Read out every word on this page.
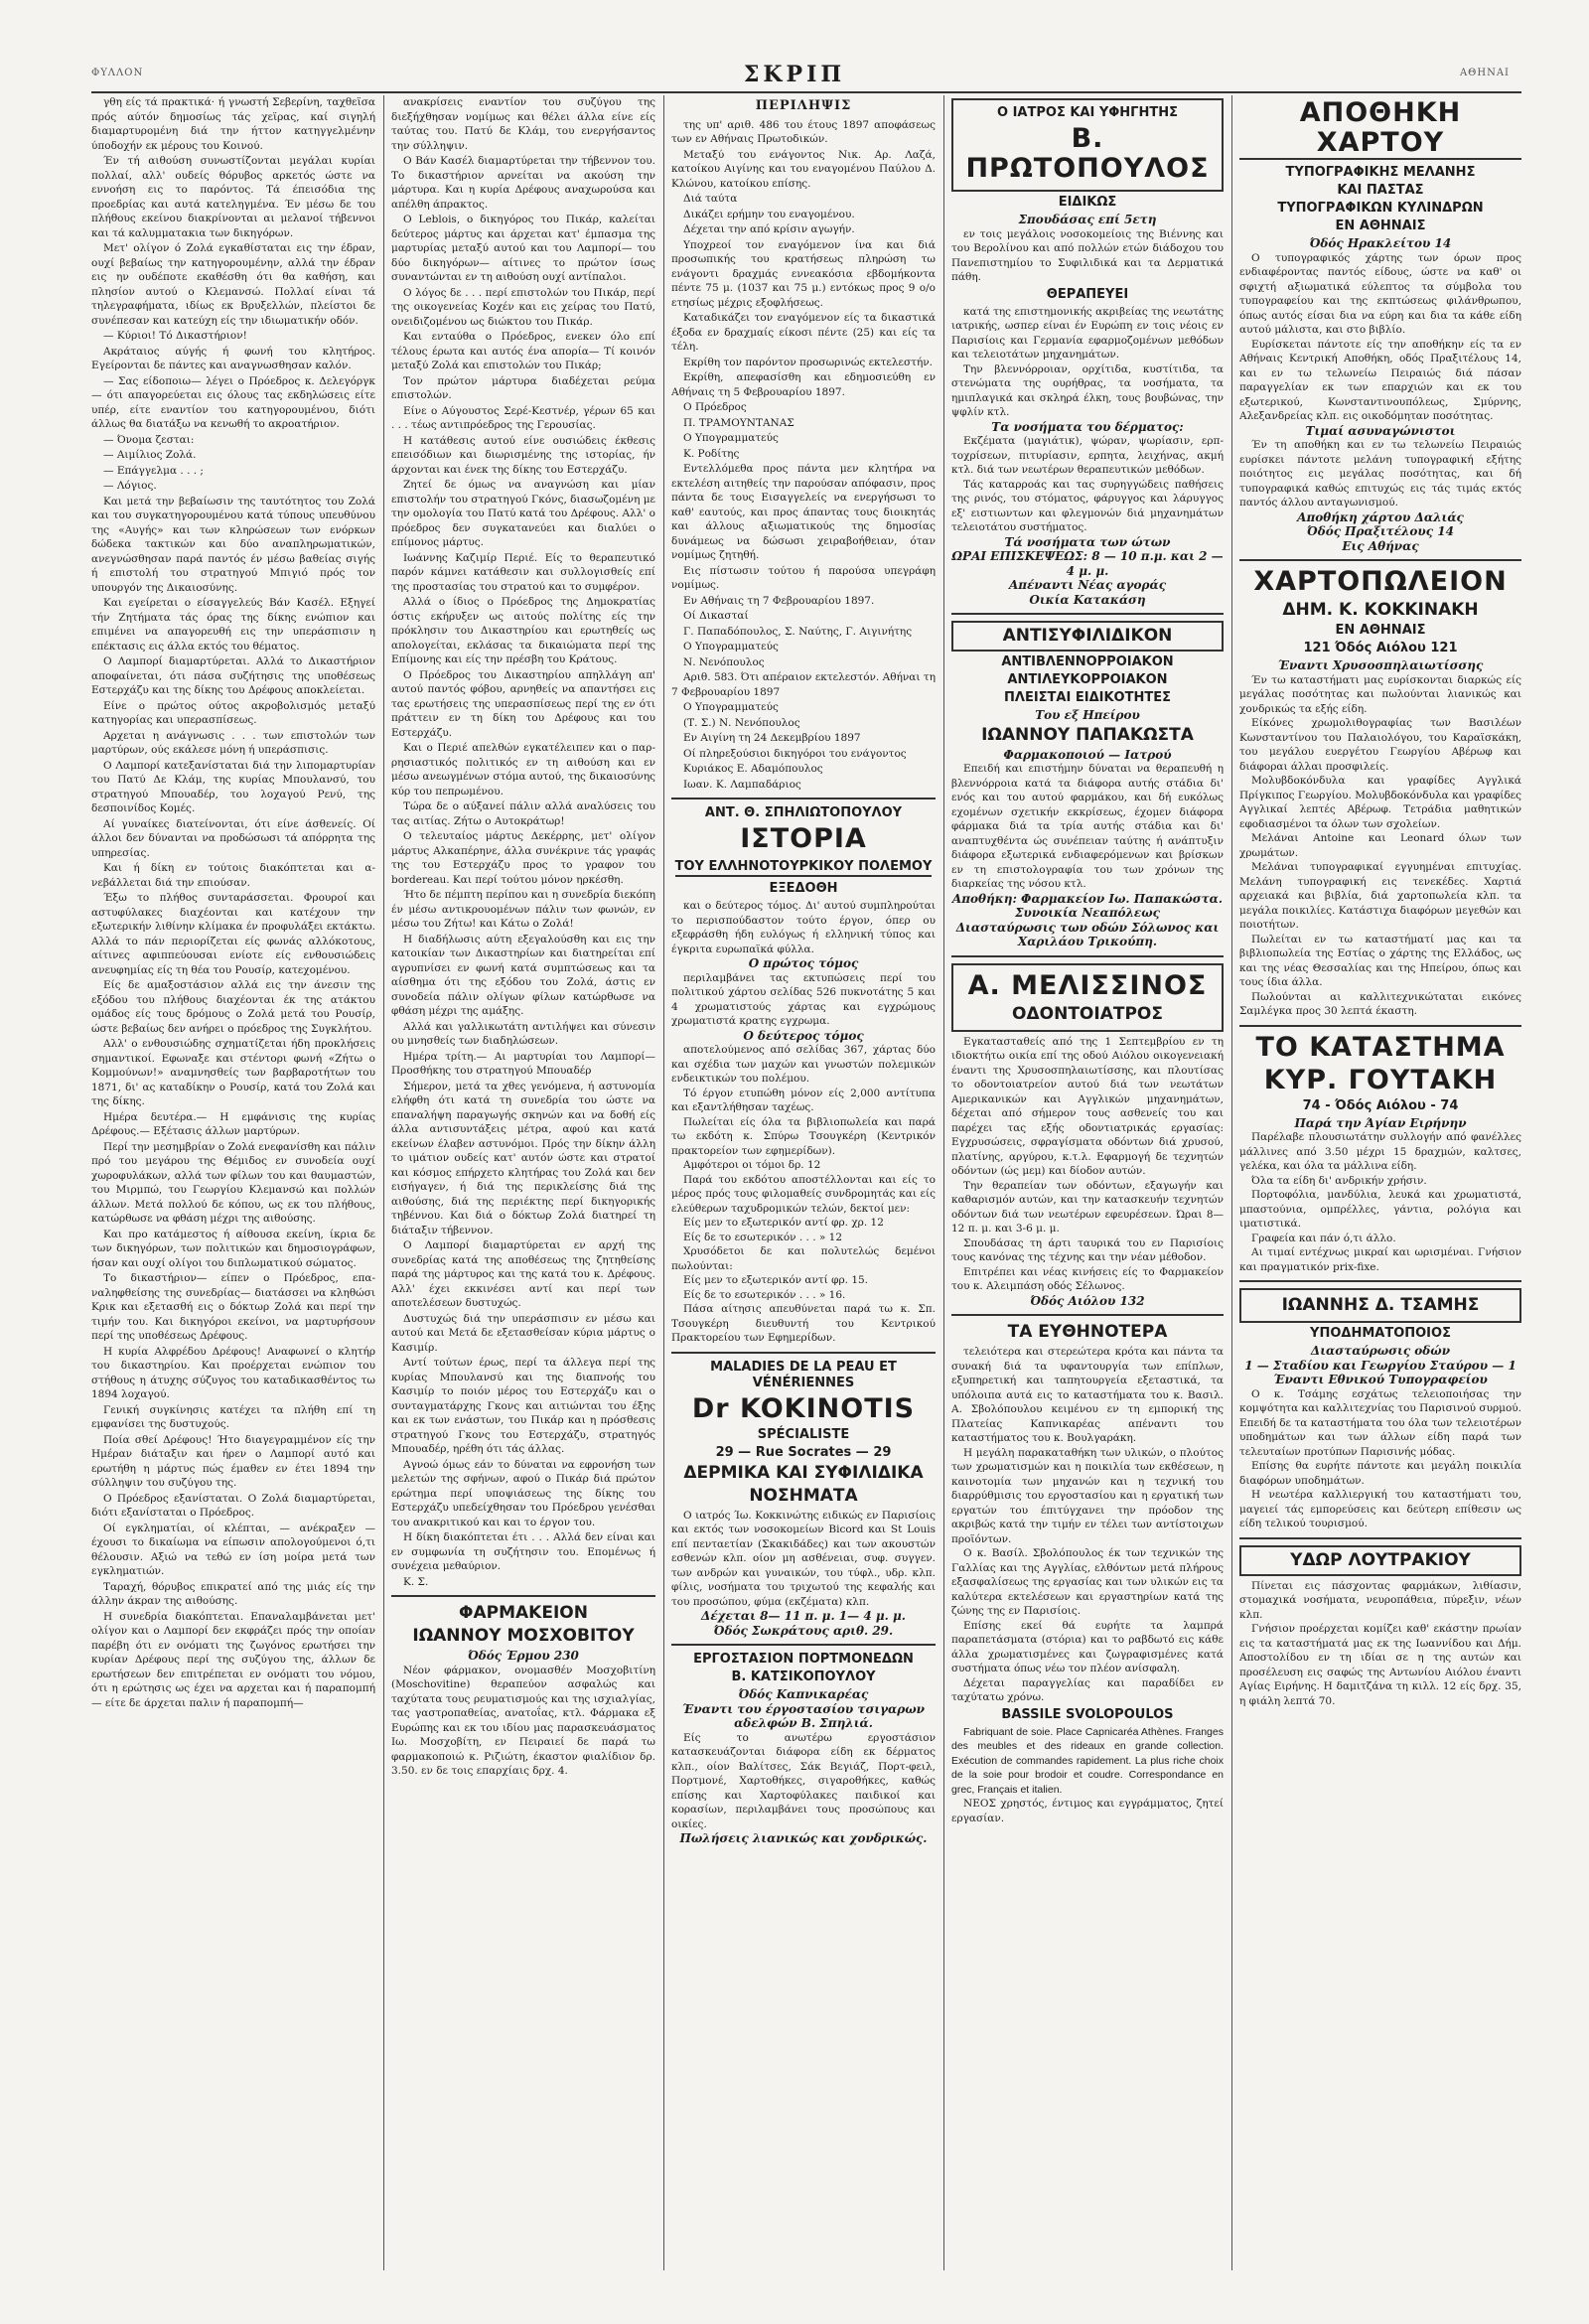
ΦΥΛΛΟΝ	ΣΚΡΙΠ	ΑΘΗΝΑΙ

γθη είς τά πρακτικά· ή γνωστή Σεβερίνη, ταχθεϊσα πρός αύτόν δημοσίως τάς χεϊρας, καί σιγηλή διαμαρτυρομένη διά την ήττον κατηγγελμένην ύποδοχήν εκ μέρους του Κοινού.

Έν τή αιθούση συνωστίζονται μεγάλαι κυρίαι πολλαί, αλλ' ουδείς θόρυβος αρκετός ώστε να εννοήση εις το παρόντος. Τά έπεισόδια της προεδρίας και αυτά κατεληγμένα. Έν μέσω δε του πλήθους εκείνου διακρίνονται αι μελανοί τήβεννοι και τά καλυμματακια των δικηγόρων.

Μετ' ολίγον ό Ζολά εγκαθίσταται εις την έδραν, ουχί βεβαίως την κατηγορουμένην, αλλά την έδραν εις ην ουδέποτε εκαθέσθη ότι θα καθήση, και πλησίον αυτού ο Κλεμανσώ. Πολλαί είναι τά τηλεγραφήματα, ιδίως εκ Βρυξελλών, πλείστοι δε συνέπεσαν και κατεύχη είς την ιδιωματικήν οδόν.

— Κύριοι! Τό Δικαστήριον!

Ακράταιος αύγής ή φωνή του κλητήρος. Εγείρονται δε πάντες και αναγνωσθησαν καλόν.

— Σας είδοποιω— λέγει ο Πρόεδρος κ. Δελεγόργκ— ότι απαγορεύεται εις όλους τας εκδηλώσεις είτε υπέρ, είτε εναντίον του κατηγορουμένου, διότι άλλως θα διατάξω να κενωθή το ακροατήριον.

— Όνομα ζεσται:

— Αιμίλιος Ζολά.

— Επάγγελμα . . . ;

— Λόγιος.

Και μετά την βεβαίωσιν της ταυτότητος του Ζολά και του συγκατηγορουμένου κατά τύπους υπευθύνου της «Αυγής» και των κληρώσεων των ενόρκων δώδεκα τακτικών και δύο αναπληρωματικών, ανεγνώσθησαν παρά παντός έν μέσω βαθείας σιγής ή επιστολή του στρατηγού Μπιγιό πρός τον υπουργόν της Δικαιοσύνης.

Και εγείρεται ο είσαγγελεύς Βάν Κασέλ. Εξηγεί τήν Ζητήματα τάς όρας της δίκης ενώπιον και επιμένει να απαγορευθή εις την υπεράσπισιν η επέκτασις εις άλλα εκτός του θέματος.

Ο Λαμπορί διαμαρτύρεται. Αλλά το Δικαστήριον αποφαίνεται, ότι πάσα συζήτησις της υποθέσεως Εστερχάζυ και της δίκης του Δρέφους αποκλείεται.

Είνε ο πρώτος ούτος ακροβολισμός μεταξύ κατηγορίας και υπερασπίσεως.

Αρχεται η ανάγνωσις . . . των επιστολών των μαρτύρων, ούς εκάλεσε μόνη ή υπεράσπισις.

Ο Λαμπορί κατεξανίσταται διά την λιπομαρτυρίαν του Πατύ Δε Κλάμ, της κυρίας Μπουλανσύ, του στρατηγού Μπουαδέρ, του λοχαγού Ρενύ, της δεσποινίδος Κομές.

Αί γυναίκες διατείνονται, ότι είνε άσθενείς. Οί άλλοι δεν δύνανται να προδώσωσι τά απόρρητα της υπηρεσίας.

Και ή δίκη εν τούτοις διακόπτεται και ανεβάλλεται διά την επιούσαν.

Έξω το πλήθος συνταράσσεται. Φρουροί και αστυφύλακες διαχέονται και κατέχουν την εξωτερικήν λιθίνην κλίμακα έν προφυλάξει εκτάκτω. Αλλά το πάν περιορίζεται είς φωνάς αλλόκοτους, αίτινες αφιππεύουσαι ενίοτε είς ενθουσιώδεις ανευφημίας είς τη θέα του Ρουσίρ, κατεχομένου.

Είς δε αμαξοστάσιον αλλά εις την άνεσιν της εξόδου του πλήθους διαχέονται έκ της ατάκτου ομάδος είς τους δρόμους ο Ζολά μετά του Ρουσίρ, ώστε βεβαίως δεν ανήρει ο πρόεδρος της Συγκλήτου.

Αλλ' ο ενθουσιώδης σχηματίζεται ήδη προκλήσεις σημαντικοί. Εφωναξε και στέντορι φωνή «Ζήτω ο Κομμούνων!» αναμνησθείς των βαρβαροτήτων του 1871, δι' ας καταδίκην ο Ρουσίρ, κατά του Ζολά και της δίκης.

Ημέρα δευτέρα.— Η εμφάνισις της κυρίας Δρέφους.— Εξέτασις άλλων μαρτύρων.

Περί την μεσημβρίαν ο Ζολά ενεφανίσθη και πάλιν πρό του μεγάρου της Θέμιδος εν συνοδεία ουχί χωροφυλάκων, αλλά των φίλων του και θαυμαστών, του Μιρμπώ, του Γεωργίου Κλεμανσώ και πολλών άλλων. Μετά πολλού δε κόπου, ως εκ του πλήθους, κατώρθωσε να φθάση μέχρι της αιθούσης.

Και προ κατάμεστος ή αίθουσα εκείνη, ίκρια δε των δικηγόρων, των πολιτικών και δημοσιογράφων, ήσαν και ουχί ολίγοι του διπλωματικού σώματος.

Το δικαστήριον— είπεν ο Πρόεδρος, επαναληφθείσης της συνεδρίας— διατάσσει να κληθώσι Κρικ και εξετασθή εις ο δόκτωρ Ζολά και περί την τιμήν του. Και δικηγόροι εκείνοι, να μαρτυρήσουν περί της υποθέσεως Δρέφους.

Η κυρία Αλφρέδου Δρέφους! Αναφωνεί ο κλητήρ του δικαστηρίου. Και προέρχεται ενώπιον του στήθους η άτυχης σύζυγος του καταδικασθέντος τω 1894 λοχαγού.

Γενική συγκίνησις κατέχει τα πλήθη επί τη εμφανίσει της δυστυχούς.

Ποία σθεί Δρέφους! Ήτο διαγεγραμμένον είς την Ημέραν διάταξιν και ήρεν ο Λαμπορί αυτό και ερωτήθη η μάρτυς πώς έμαθεν εν έτει 1894 την σύλληψιν του συζύγου της.

Ο Πρόεδρος εξανίσταται. Ο Ζολά διαμαρτύρεται, διότι εξανίσταται ο Πρόεδρος.

Οί εγκληματίαι, οί κλέπται, — ανέκραξεν — έχουσι το δικαίωμα να είπωσιν απολογούμενοι ό,τι θέλουσιν. Αξιώ να τεθώ εν ίση μοίρα μετά των εγκληματιών.

Ταραχή, θόρυβος επικρατεί από της μιάς είς την άλλην άκραν της αιθούσης.

Η συνεδρία διακόπτεται. Επαναλαμβάνεται μετ' ολίγον και ο Λαμπορί δεν εκφράζει πρός την οποίαν παρέβη ότι εν ονόματι της ζωγόνος ερωτήσει την κυρίαν Δρέφους περί της συζύγου της, άλλων δε ερωτήσεων δεν επιτρέπεται εν ονόματι του νόμου, ότι η ερώτησις ως έχει να αρχεται και ή παραπομπή— είτε δε άρχεται παλιν ή παραπομπή—

ανακρίσεις εναντίον του συζύγου της διεξήχθησαν νομίμως και θέλει άλλα είνε είς ταύτας του. Πατύ δε Κλάμ, του ενεργήσαντος την σύλληψιν.

Ο Βάν Κασέλ διαμαρτύρεται την τήβεννον του. Το δικαστήριον αρνείται να ακούση την μάρτυρα. Και η κυρία Δρέφους αναχωρούσα και απέλθη άπρακτος.

Ο Leblois, ο δικηγόρος του Πικάρ, καλείται δεύτερος μάρτυς και άρχεται κατ' έμπασμα της μαρτυρίας μεταξύ αυτού και του Λαμπορί— του δύο δικηγόρων— αίτινες το πρώτον ίσως συναντώνται εν τη αιθούση ουχί αντίπαλοι.

Ο λόγος δε . . . περί επιστολών του Πικάρ, περί της οικογενείας Κοχέν και εις χείρας του Πατύ, ονειδιζομένου ως διώκτου του Πικάρ.

Και ενταύθα ο Πρόεδρος, ενεκεν όλο επί τέλους έρωτα και αυτός ένα απορία— Τί κοινόν μεταξύ Ζολά και επιστολών του Πικάρ;

Τον πρώτον μάρτυρα διαδέχεται ρεύμα επιστολών.

Είνε ο Αύγουστος Σερέ-Κεστνέρ, γέρων 65 και . . . τέως αντιπρόεδρος της Γερουσίας.

Η κατάθεσις αυτού είνε ουσιώδεις έκθεσις επεισόδιων και διωρισμένης της ιστορίας, ήν άρχονται και ένεκ της δίκης του Εστερχάζυ.

Ζητεί δε όμως να αναγνώση και μίαν επιστολήν του στρατηγού Γκόνς, διασωζομένη με την ομολογία του Πατύ κατά του Δρέφους. Αλλ' ο πρόεδρος δεν συγκατανεύει και διαλύει ο επίμονος μάρτυς.

Ιωάννης Καζιμίρ Περιέ. Είς το θεραπευτικό παρόν κάμνει κατάθεσιν και συλλογισθείς επί της προστασίας του στρατού και το συμφέρον.

Αλλά ο ίδιος ο Πρόεδρος της Δημοκρατίας όστις εκήρυξεν ως αιτούς πολίτης είς την πρόκλησιν του Δικαστηρίου και ερωτηθείς ως απολογείται, εκλάσας τα δικαιώματα περί της Επίμονης και είς την πρέσβη του Κράτους.

Ο Πρόεδρος του Δικαστηρίου απηλλάγη απ' αυτού παντός φόβου, αρνηθείς να απαντήσει εις τας ερωτήσεις της υπερασπίσεως περί της εν ότι πράττειν εν τη δίκη του Δρέφους και του Εστερχάζυ.

Και ο Περιέ απελθών εγκατέλειπεν και ο παρρησιαστικός πολιτικός εν τη αιθούση και εν μέσω ανεωγμένων στόμα αυτού, της δικαιοσύνης κύρ του πεπρωμένου.

Τώρα δε ο αύξανεί πάλιν αλλά αναλύσεις του τας αιτίας. Ζήτω ο Αυτοκράτωρ!

Ο τελευταίος μάρτυς Δεκέρρης, μετ' ολίγον μάρτυς Αλκαπέρηνε, άλλα συνέκρινε τάς γραφάς της του Εστερχάζυ προς το γραφον του bordereau. Και περί τούτου μόνον ηρκέσθη.

Ήτο δε πέμπτη περίπου και η συνεδρία διεκόπη έν μέσω αντικρουομένων πάλιν των φωνών, εν μέσω του Ζήτω! και Κάτω ο Ζολά!

Η διαδήλωσις αύτη εξεγαλούσθη και εις την κατοικίαν των Δικαστηρίων και διατηρείται επί αγρυπνίσει εν φωνή κατά συμπτώσεως και τα αίσθημα ότι της εξόδου του Ζολά, άστις εν συνοδεία πάλιν ολίγων φίλων κατώρθωσε να φθάση μέχρι της αμάξης.

Αλλά και γαλλικωτάτη αντιλήψει και σύνεσιν ου μνησθείς των διαδηλώσεων.

Ημέρα τρίτη.— Αι μαρτυρίαι του Λαμπορί— Προσθήκης του στρατηγού Μπουαδέρ

Σήμερον, μετά τα χθες γενόμενα, ή αστυνομία ελήφθη ότι κατά τη συνεδρία του ώστε να επαναλήψη παραγωγής σκηνών και να δοθή είς άλλα αντισυντάξεις μέτρα, αφού και κατά εκείνων έλαβεν αστυνόμοι. Πρός την δίκην άλλη το ιμάτιον ουδείς κατ' αυτόν ώστε και στρατοί και κόσμος επήρχετο κλητήρας του Ζολά και δεν εισήγαγεν, ή διά της περικλείσης διά της αιθούσης, διά της περιέκτης περί δικηγορικής τηβέννου. Και διά ο δόκτωρ Ζολά διατηρεί τη διάταξιν τήβεννον.

Ο Λαμπορί διαμαρτύρεται εν αρχή της συνεδρίας κατά της αποθέσεως της ζητηθείσης παρά της μάρτυρος και της κατά του κ. Δρέφους. Αλλ' έχει εκκινέσει αντί και περί των αποτελέσεων δυστυχώς.

Δυστυχώς διά την υπεράσπισιν εν μέσω και αυτού και Μετά δε εξετασθείσαν κύρια μάρτυς ο Κασιμίρ.

Αντί τούτων έρως, περί τα άλλεγα περί της κυρίας Μπουλανσύ και της διαπνοής του Κασιμίρ το ποιόν μέρος του Εστερχάζυ και ο συνταγματάρχης Γκονς και αιτιώνται του έξης και εκ των ενάστων, του Πικάρ και η πρόσθεσις στρατηγού Γκονς του Εστερχάζυ, στρατηγός Μπουαδέρ, ηρέθη ότι τάς άλλας.

Αγνοώ όμως εάν το δύναται να εφρονήση των μελετών της σφήνων, αφού ο Πικάρ διά πρώτον ερώτημα περί υποψιάσεως της δίκης του Εστερχάζυ υπεδείχθησαν του Πρόεδρου γενέσθαι του ανακριτικού και και το έργον του.

Η δίκη διακόπτεται έτι . . . Αλλά δεν είναι και εν συμφωνία τη συζήτησιν του. Επομένως ή συνέχεια μεθαύριον.

Κ. Σ.

ΦΑΡΜΑΚΕΙΟΝ
ΙΩΑΝΝΟΥ ΜΟΣΧΟΒΙΤΟΥ
Όδός Έρμου 230
Νέον φάρμακον, ονομασθέν Μοσχοβιτίνη (Moschovitine) θεραπεύον ασφαλώς και ταχύτατα τους ρευματισμούς και της ισχιαλγίας, τας γαστροπαθείας, ανατοΐας, κτλ. Φάρμακα εξ Ευρώπης και εκ του ιδίου μας παρασκευάσματος Ιω. Μοσχοβίτη, εν Πειραιεί δε παρά τω φαρμακοποιώ κ. Ριζιώτη, έκαστον φιαλίδιον δρ. 3.50. εν δε τοις επαρχίαις δρχ. 4.
ΠΕΡΙΛΗΨΙΣ

της υπ' αριθ. 486 του έτους 1897 αποφάσεως των εν Αθήναις Πρωτοδικών.

Μεταξύ του ενάγοντος Νικ. Αρ. Λαζά, κατοίκου Αιγίνης και του εναγομένου Παύλου Δ. Κλώνου, κατοίκου επίσης.

Διά ταύτα

Δικάζει ερήμην του εναγομένου.

Δέχεται την από κρίσιν αγωγήν.

Υποχρεοί τον εναγόμενον ίνα και διά προσωπικής του κρατήσεως πληρώση τω ενάγοντι δραχμάς εννεακόσια εβδομήκοντα πέντε 75 μ. (1037 και 75 μ.) εντόκως προς 9 ο/ο ετησίως μέχρις εξοφλήσεως.

Καταδικάζει τον εναγόμενον είς τα δικαστικά έξοδα εν δραχμαίς είκοσι πέντε (25) και είς τα τέλη.

Εκρίθη τον παρόντον προσωρινώς εκτελεστήν.

Εκρίθη, απεφασίσθη και εδημοσιεύθη εν Αθήναις τη 5 Φεβρουαρίου 1897.

Ο Πρόεδρος

Π. ΤΡΑΜΟΥΝΤΑΝΑΣ

Ο Υπογραμματεύς

Κ. Ροδίτης

Εντελλόμεθα προς πάντα μεν κλητήρα να εκτελέση αιτηθείς την παρούσαν απόφασιν, προς πάντα δε τους Εισαγγελείς να ενεργήσωσι το καθ' εαυτούς, και προς άπαντας τους διοικητάς και άλλους αξιωματικούς της δημοσίας δυνάμεως να δώσωσι χειραβοήθειαν, όταν νομίμως ζητηθή.

Εις πίστωσιν τούτου ή παρούσα υπεγράφη νομίμως.

Εν Αθήναις τη 7 Φεβρουαρίου 1897.

Οί Δικασταί

Γ. Παπαδόπουλος, Σ. Ναύτης, Γ. Αιγινήτης

Ο Υπογραμματεύς

Ν. Νενόπουλος

Αριθ. 583. Ότι απέραιον εκτελεστόν. Αθήναι τη 7 Φεβρουαρίου 1897

Ο Υπογραμματεύς

(Τ. Σ.) Ν. Νενόπουλος

Εν Αιγίνη τη 24 Δεκεμβρίου 1897

Οί πληρεξούσιοι δικηγόροι του ενάγοντος

Κυριάκος Ε. Αδαμόπουλος

Ιωαν. Κ. Λαμπαδάριος

ΑΝΤ. Θ. ΣΠΗΛΙΩΤΟΠΟΥΛΟΥ
ΙΣΤΟΡΙΑ
ΤΟΥ ΕΛΛΗΝΟΤΟΥΡΚΙΚΟΥ ΠΟΛΕΜΟΥ
ΕΞΕΔΟΘΗ
και ο δεύτερος τόμος. Δι' αυτού συμπληρούται το περισπούδαστον τούτο έργον, όπερ ου εξεφράσθη ήδη ευλόγως ή ελληνική τύπος και έγκριτα ευρωπαϊκά φύλλα.
Ο πρώτος τόμος
περιλαμβάνει τας εκτυπώσεις περί του πολιτικού χάρτου σελίδας 526 πυκνοτάτης 5 και 4 χρωματιστούς χάρτας και εγχρώμους χρωματιστά κρατης εγχρωμα.
Ο δεύτερος τόμος
αποτελούμενος από σελίδας 367, χάρτας δύο και σχέδια των μαχών και γνωστών πολεμικών ενδεικτικών του πολέμου.
Τό έργον ετυπώθη μόνον είς 2,000 αντίτυπα και εξαντλήθησαν ταχέως.
Πωλείται είς όλα τα βιβλιοπωλεία και παρά τω εκδότη κ. Σπύρω Τσουγκέρη (Κεντρικόν πρακτορείον των εφημερίδων).
Αμφότεροι οι τόμοι δρ. 12
Παρά του εκδότου αποστέλλονται και είς το μέρος πρός τους φιλομαθείς συνδρομητάς και είς ελεύθερων ταχυδρομικών τελών, δεκτοί μεν:
Είς μεν το εξωτερικόν αντί φρ. χρ. 12
Είς δε το εσωτερικόν . . . » 12
Χρυσόδετοι δε και πολυτελώς δεμένοι πωλούνται:
Είς μεν το εξωτερικόν αντί φρ. 15.
Είς δε το εσωτερικόν . . . » 16.
Πάσα αίτησις απευθύνεται παρά τω κ. Σπ. Τσουγκέρη διευθυντή του Κεντρικού Πρακτορείου των Εφημερίδων.
MALADIES DE LA PEAU ET VÉNÉRIENNES
Dr KOKINOTIS
SPÉCIALISTE
29 — Rue Socrates — 29
ΔΕΡΜΙΚΑ ΚΑΙ ΣΥΦΙΛΙΔΙΚΑ
ΝΟΣΗΜΑΤΑ
Ο ιατρός Ίω. Κοκκινώτης ειδικώς εν Παρισίοις και εκτός των νοσοκομείων Bicord και St Louis επί πενταετίαν (Σκακιδάδες) και των ακουστών εσθενών κλπ. οίον μη ασθένειαι, συφ. συγγεν. των ανδρών και γυναικών, του τύφλ., υδρ. κλπ. φίλις, νοσήματα του τριχωτού της κεφαλής και του προσώπου, φύμα (εκζέματα) κλπ.
Δέχεται 8— 11 π. μ. 1— 4 μ. μ.
Όδός Σωκράτους αριθ. 29.
ΕΡΓΟΣΤΑΣΙΟΝ ΠΟΡΤΜΟΝΕΔΩΝ
Β. ΚΑΤΣΙΚΟΠΟΥΛΟΥ
Όδός Καπνικαρέας
Έναντι του έργοστασίου τσιγαρων αδελφών Β. Σπηλιά.
Είς το ανωτέρω εργοστάσιον κατασκευάζονται διάφορα είδη εκ δέρματος κλπ., οίον Βαλίτσες, Σάκ Βεγιάζ, Πορτ-φειλ, Πορτμονέ, Χαρτοθήκες, σιγαροθήκες, καθώς επίσης και Χαρτοφύλακες παιδικοί και κορασίων, περιλαμβάνει τους προσώπους και οικίες.
Πωλήσεις λιανικώς και χονδρικώς.
Ο ΙΑΤΡΟΣ ΚΑΙ ΥΦΗΓΗΤΗΣ
Β. ΠΡΩΤΟΠΟΥΛΟΣ
ΕΙΔΙΚΩΣ
Σπουδάσας επί 5ετη
εν τοις μεγάλοις νοσοκομείοις της Βιέννης και του Βερολίνου και από πολλών ετών διάδοχου του Πανεπιστημίου το Συφιλιδικά και τα Δερματικά πάθη.
ΘΕΡΑΠΕΥΕΙ
κατά της επιστημονικής ακριβείας της νεωτάτης ιατρικής, ωσπερ είναι έν Ευρώπη εν τοις νέοις εν Παρισίοις και Γερμανία εφαρμοζομένων μεθόδων και τελειοτάτων μηχανημάτων.
Την βλεννόρροιαν, ορχίτιδα, κυστίτιδα, τα στενώματα της ουρήθρας, τα νοσήματα, τα ημιπλαγικά και σκληρά έλκη, τους βουβώνας, την ψφλίν κτλ.
Τα νοσήματα του δέρματος:
Εκζέματα (μαγιάτικ), ψώραν, ψωρίασιν, ερπτοχρίσεων, πιτυρίασιν, ερπητα, λειχήνας, ακμή κτλ. διά των νεωτέρων θεραπευτικών μεθόδων.
Τάς καταρροάς και τας συρηγγώδεις παθήσεις της ρινός, του στόματος, φάρυγγος και λάρυγγος εξ' ειστιωντων και φλεγμονών διά μηχανημάτων τελειοτάτου συστήματος.
Τά νοσήματα των ώτων
ΩΡΑΙ ΕΠΙΣΚΕΨΕΩΣ: 8 — 10 π.μ. και 2 — 4 μ. μ.
Απέναντι Νέας αγοράς
Οικία Κατακάση
ΑΝΤΙΣΥΦΙΛΙΔΙΚΟΝ
ΑΝΤΙΒΛΕΝΝΟΡΡΟΙΑΚΟΝ
ΑΝΤΙΛΕΥΚΟΡΡΟΙΑΚΟΝ
ΠΛΕΙΣΤΑΙ ΕΙΔΙΚΟΤΗΤΕΣ
Του εξ Ηπείρου
ΙΩΑΝΝΟΥ ΠΑΠΑΚΩΣΤΑ
Φαρμακοποιού — Ιατρού
Επειδή και επιστήμην δύναται να θεραπευθή η βλεννόρροια κατά τα διάφορα αυτής στάδια δι' ενός και του αυτού φαρμάκου, και δή ευκόλως εχομένων σχετικήν εκκρίσεως, έχομεν διάφορα φάρμακα διά τα τρία αυτής στάδια και δι' αναπτυχθέντα ώς συνέπειαν ταύτης ή ανάπτυξιν διάφορα εξωτερικά ενδιαφερόμενων και βρίσκων εν τη επιστολογραφία του των χρόνων της διαρκείας της νόσου κτλ.
Αποθήκη: Φαρμακείον Ιω. Παπακώστα.
Συνοικία Νεαπόλεως
Διασταύρωσις των οδών Σόλωνος και Χαριλάου Τρικούπη.
Α. ΜΕΛΙΣΣΙΝΟΣ
ΟΔΟΝΤΟΙΑΤΡΟΣ
Εγκατασταθείς από της 1 Σεπτεμβρίου εν τη ιδιοκτήτω οικία επί της οδού Αιόλου οικογενειακή έναντι της Χρυσοσπηλαιωτίσσης, και πλουτίσας το οδοντοιατρείον αυτού διά των νεωτάτων Αμερικανικών και Αγγλικών μηχανημάτων, δέχεται από σήμερον τους ασθενείς του και παρέχει τας εξής οδοντιατρικάς εργασίας: Εγχρυσώσεις, σφραγίσματα οδόντων διά χρυσού, πλατίνης, αργύρου, κ.τ.λ. Εφαρμογή δε τεχνητών οδόντων (ώς μεμ) και δίοδον αυτών.
Την θεραπείαν των οδόντων, εξαγωγήν και καθαρισμόν αυτών, και την κατασκευήν τεχνητών οδόντων διά των νεωτέρων εφευρέσεων. Ώραι 8—12 π. μ. και 3-6 μ. μ.
Σπουδάσας τη άρτι ταυρικά του εν Παρισίοις τους κανόνας της τέχνης και την νέαν μέθοδον.
Επιτρέπει και νέας κινήσεις είς το Φαρμακείον του κ. Αλειμπάση οδός Σέλωνος.
Όδός Αιόλου 132
ΤΑ ΕΥΘΗΝΟΤΕΡΑ
τελειότερα και στερεώτερα κρότα και πάντα τα συνακή διά τα υφαντουργία των επίπλων, εξυπηρετική και ταπητουργεία εξεταστικά, τα υπόλοιπα αυτά εις το καταστήματα του κ. Βασιλ. Α. Σβολόπουλου κειμένου εν τη εμπορική της Πλατείας Καπνικαρέας απέναντι του καταστήματος του κ. Βουλγαράκη.
Η μεγάλη παρακαταθήκη των υλικών, ο πλούτος των χρωματισμών και η ποικιλία των εκθέσεων, η καινοτομία των μηχανών και η τεχνική του διαρρύθμισις του εργοστασίου και η εργατική των εργατών του έπιτύγχανει την πρόοδον της ακριβώς κατά την τιμήν εν τέλει των αντίστοιχων προϊόντων.
Ο κ. Βασίλ. Σβολόπουλος έκ των τεχνικών της Γαλλίας και της Αγγλίας, ελθόντων μετά πλήρους εξασφαλίσεως της εργασίας και των υλικών εις τα καλύτερα εκτελέσεων και εργαστηρίων κατά της ζώνης της εν Παρισίοις.
Επίσης εκεί θά ευρήτε τα λαμπρά παραπετάσματα (στόρια) και το ραβδωτό εις κάθε άλλα χρωματισμένες και ζωγραφισμένες κατά συστήματα όπως νέω τον πλέον ανίσφαλη.
Δέχεται παραγγελίας και παραδίδει εν ταχύτατω χρόνω.
BASSILE SVOLOPOULOS
Fabriquant de soie. Place Capnicaréa Athènes. Franges des meubles et des rideaux en grande collection. Exécution de commandes rapidement. La plus riche choix de la soie pour brodoir et coudre. Correspondance en grec, Français et italien.
ΝΕΟΣ χρηστός, έντιμος και εγγράμματος, ζητεί εργασίαν.
ΑΠΟΘΗΚΗ ΧΑΡΤΟΥ
ΤΥΠΟΓΡΑΦΙΚΗΣ ΜΕΛΑΝΗΣ
ΚΑΙ ΠΑΣΤΑΣ
ΤΥΠΟΓΡΑΦΙΚΩΝ ΚΥΛΙΝΔΡΩΝ
ΕΝ ΑΘΗΝΑΙΣ
Όδός Ηρακλείτου 14
Ο τυπογραφικός χάρτης των όρων προς ενδιαφέροντας παντός είδους, ώστε να καθ' οι σφιχτή αξιωματικά εύλεπτος τα σύμβολα του τυπογραφείου και της εκπτώσεως φιλάνθρωπου, όπως αυτός είσαι δια να εύρη και δια τα κάθε είδη αυτού μάλιστα, και στο βιβλίο.
Ευρίσκεται πάντοτε είς την αποθήκην είς τα εν Αθήναις Κεντρική Αποθήκη, οδός Πραξιτέλους 14, και εν τω τελωνείω Πειραιώς διά πάσαν παραγγελίαν εκ των επαρχιών και εκ του εξωτερικού, Κωνσταντινουπόλεως, Σμύρνης, Αλεξανδρείας κλπ. εις οικοδόμηταν ποσότητας.
Τιμαί ασυναγώνιστοι
Έν τη αποθήκη και εν τω τελωνείω Πειραιώς ευρίσκει πάντοτε μελάνη τυπογραφική εξήτης ποιότητος εις μεγάλας ποσότητας, και δή τυπογραφικά καθώς επιτυχώς εις τάς τιμάς εκτός παντός άλλου ανταγωνισμού.
Αποθήκη χάρτου Δαλιάς
Όδός Πραξιτέλους 14
Εις Αθήνας
ΧΑΡΤΟΠΩΛΕΙΟΝ
ΔΗΜ. Κ. ΚΟΚΚΙΝΑΚΗ
ΕΝ ΑΘΗΝΑΙΣ
121 Όδός Αιόλου 121
Έναντι Χρυσοσπηλαιωτίσσης
Έν τω καταστήματι μας ευρίσκονται διαρκώς είς μεγάλας ποσότητας και πωλούνται λιανικώς και χονδρικώς τα εξής είδη.
Είκόνες χρωμολιθογραφίας των Βασιλέων Κωνσταντίνου του Παλαιολόγου, του Καραϊσκάκη, του μεγάλου ευεργέτου Γεωργίου Αβέρωφ και διάφοραι άλλαι προσφιλείς.
Μολυβδοκόνδυλα και γραφίδες Αγγλικά Πρίγκιπος Γεωργίου. Μολυβδοκόνδυλα και γραφίδες Αγγλικαί λεπτές Αβέρωφ. Τετράδια μαθητικών εφοδιασμένοι τα όλων των σχολείων.
Μελάναι Antoine και Leonard όλων των χρωμάτων.
Μελάναι τυπογραφικαί εγγυημέναι επιτυχίας. Μελάνη τυπογραφική εις τενεκέδες. Χαρτιά αρχειακά και βιβλία, διά χαρτοπωλεία κλπ. τα μεγάλα ποικιλίες. Κατάστιχα διαφόρων μεγεθών και ποιοτήτων.
Πωλείται εν τω καταστήματί μας και τα βιβλιοπωλεία της Εστίας ο χάρτης της Ελλάδος, ως και της νέας Θεσσαλίας και της Ηπείρου, όπως και τους ίδια άλλα.
Πωλούνται αι καλλιτεχνικώταται εικόνες Σαμλέγκα προς 30 λεπτά έκαστη.
ΤΟ ΚΑΤΑΣΤΗΜΑ
ΚΥΡ. ΓΟΥΤΑΚΗ
74 - Όδός Αιόλου - 74
Παρά την Άγίαν Ειρήνην
Παρέλαβε πλουσιωτάτην συλλογήν από φανέλλες μάλλινες από 3.50 μέχρι 15 δραχμών, καλτσες, γελέκα, και όλα τα μάλλινα είδη.
Όλα τα είδη δι' ανδρικήν χρήσιν.
Πορτοφόλια, μανδύλια, λευκά και χρωματιστά, μπαστούνια, ομπρέλλες, γάντια, ρολόγια και ιματιστικά.
Γραφεία και πάν ό,τι άλλο.
Αι τιμαί εντέχνως μικραί και ωρισμέναι. Γνήσιον και πραγματικόν prix-fixe.
ΙΩΑΝΝΗΣ Δ. ΤΣΑΜΗΣ
ΥΠΟΔΗΜΑΤΟΠΟΙΟΣ
Διασταύρωσις οδών
1 — Σταδίου και Γεωργίου Σταύρου — 1
Έναντι Εθνικού Τυπογραφείου
Ο κ. Τσάμης εσχάτως τελειοποιήσας την κομψότητα και καλλιτεχνίας του Παρισινού συρμού. Επειδή δε τα καταστήματα του όλα των τελειοτέρων υποδημάτων και των άλλων είδη παρά των τελευταίων προτύπων Παρισινής μόδας.
Επίσης θα ευρήτε πάντοτε και μεγάλη ποικιλία διαφόρων υποδημάτων.
Η νεωτέρα καλλιεργική του καταστήματι του, μαγειεί τάς εμπορεύσεις και δεύτερη επίθεσιν ως είδη τελικού τουρισμού.
ΥΔΩΡ ΛΟΥΤΡΑΚΙΟΥ
Πίνεται εις πάσχοντας φαρμάκων, λιθίασιν, στομαχικά νοσήματα, νευροπάθεια, πύρεξιν, νέων κλπ.
Γνήσιον προέρχεται κομίζει καθ' εκάστην πρωίαν εις τα καταστήματά μας εκ της Ιωαννίδου και Δήμ. Αποστολίδου εν τη ιδίαι σε η της αυτών και προσέλευση εις σαφώς της Αντωνίου Αιόλου έναντι Αγίας Ειρήνης. Η δαμιτζάνα τη κιλλ. 12 είς δρχ. 35, η φιάλη λεπτά 70.
